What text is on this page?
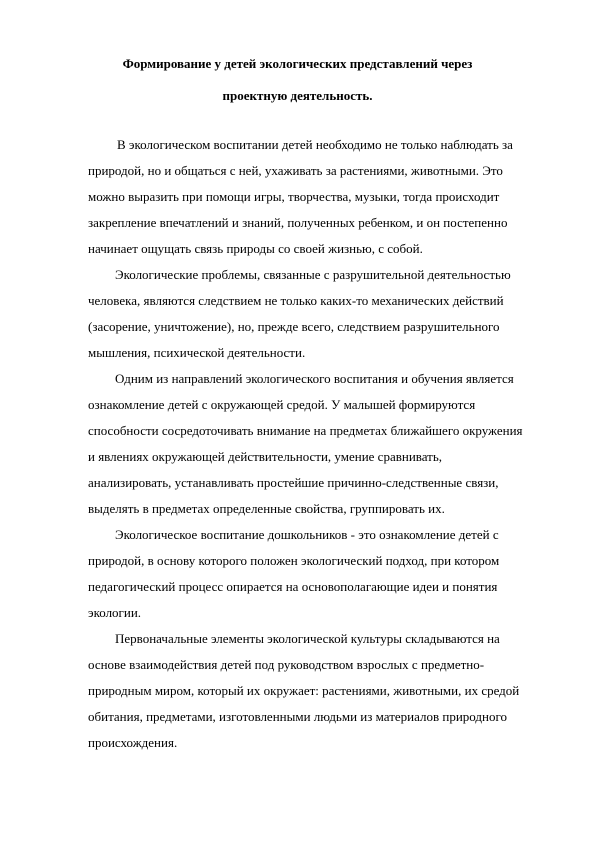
Формирование у детей экологических представлений через
проектную деятельность.
В экологическом воспитании детей необходимо не только наблюдать за
природой, но и общаться с ней, ухаживать за растениями, животными. Это
можно выразить при помощи игры, творчества, музыки, тогда происходит
закрепление впечатлений и знаний, полученных ребенком, и он постепенно
начинает ощущать связь природы со своей жизнью, с собой.
Экологические проблемы, связанные с разрушительной деятельностью
человека, являются следствием не только каких-то механических действий
(засорение, уничтожение), но, прежде всего, следствием разрушительного
мышления, психической деятельности.
Одним из направлений экологического воспитания и обучения является
ознакомление детей с окружающей средой. У малышей формируются
способности сосредоточивать внимание на предметах ближайшего окружения
и явлениях окружающей действительности, умение сравнивать,
анализировать, устанавливать простейшие причинно-следственные связи,
выделять в предметах определенные свойства, группировать их.
Экологическое воспитание дошкольников - это ознакомление детей с
природой, в основу которого положен экологический подход, при котором
педагогический процесс опирается на основополагающие идеи и понятия
экологии.
Первоначальные элементы экологической культуры складываются на
основе взаимодействия детей под руководством взрослых с предметно-
природным миром, который их окружает: растениями, животными, их средой
обитания, предметами, изготовленными людьми из материалов природного
происхождения.
